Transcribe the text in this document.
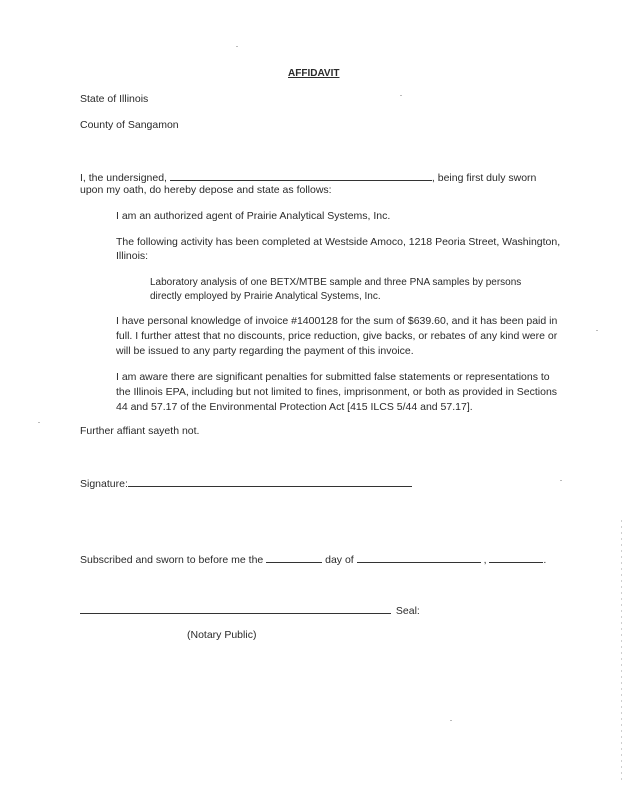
AFFIDAVIT
State of Illinois
County of Sangamon
I, the undersigned,	, being first duly sworn
upon my oath, do hereby depose and state as follows:
I am an authorized agent of Prairie Analytical Systems, Inc.
The following activity has been completed at Westside Amoco, 1218 Peoria Street, Washington,
Illinois:
Laboratory analysis of one BETX/MTBE sample and three PNA samples by persons
directly employed by Prairie Analytical Systems, Inc.
I have personal knowledge of invoice #1400128 for the sum of $639.60, and it has been paid in
full. I further attest that no discounts, price reduction, give backs, or rebates of any kind were or
will be issued to any party regarding the payment of this invoice.
I am aware there are significant penalties for submitted false statements or representations to
the Illinois EPA, including but not limited to fines, imprisonment, or both as provided in Sections
44 and 57.17 of the Environmental Protection Act [415 ILCS 5/44 and 57.17].
Further affiant sayeth not.
Signature:
Subscribed and sworn to before me the	day of	,	.
Seal:
(Notary Public)
